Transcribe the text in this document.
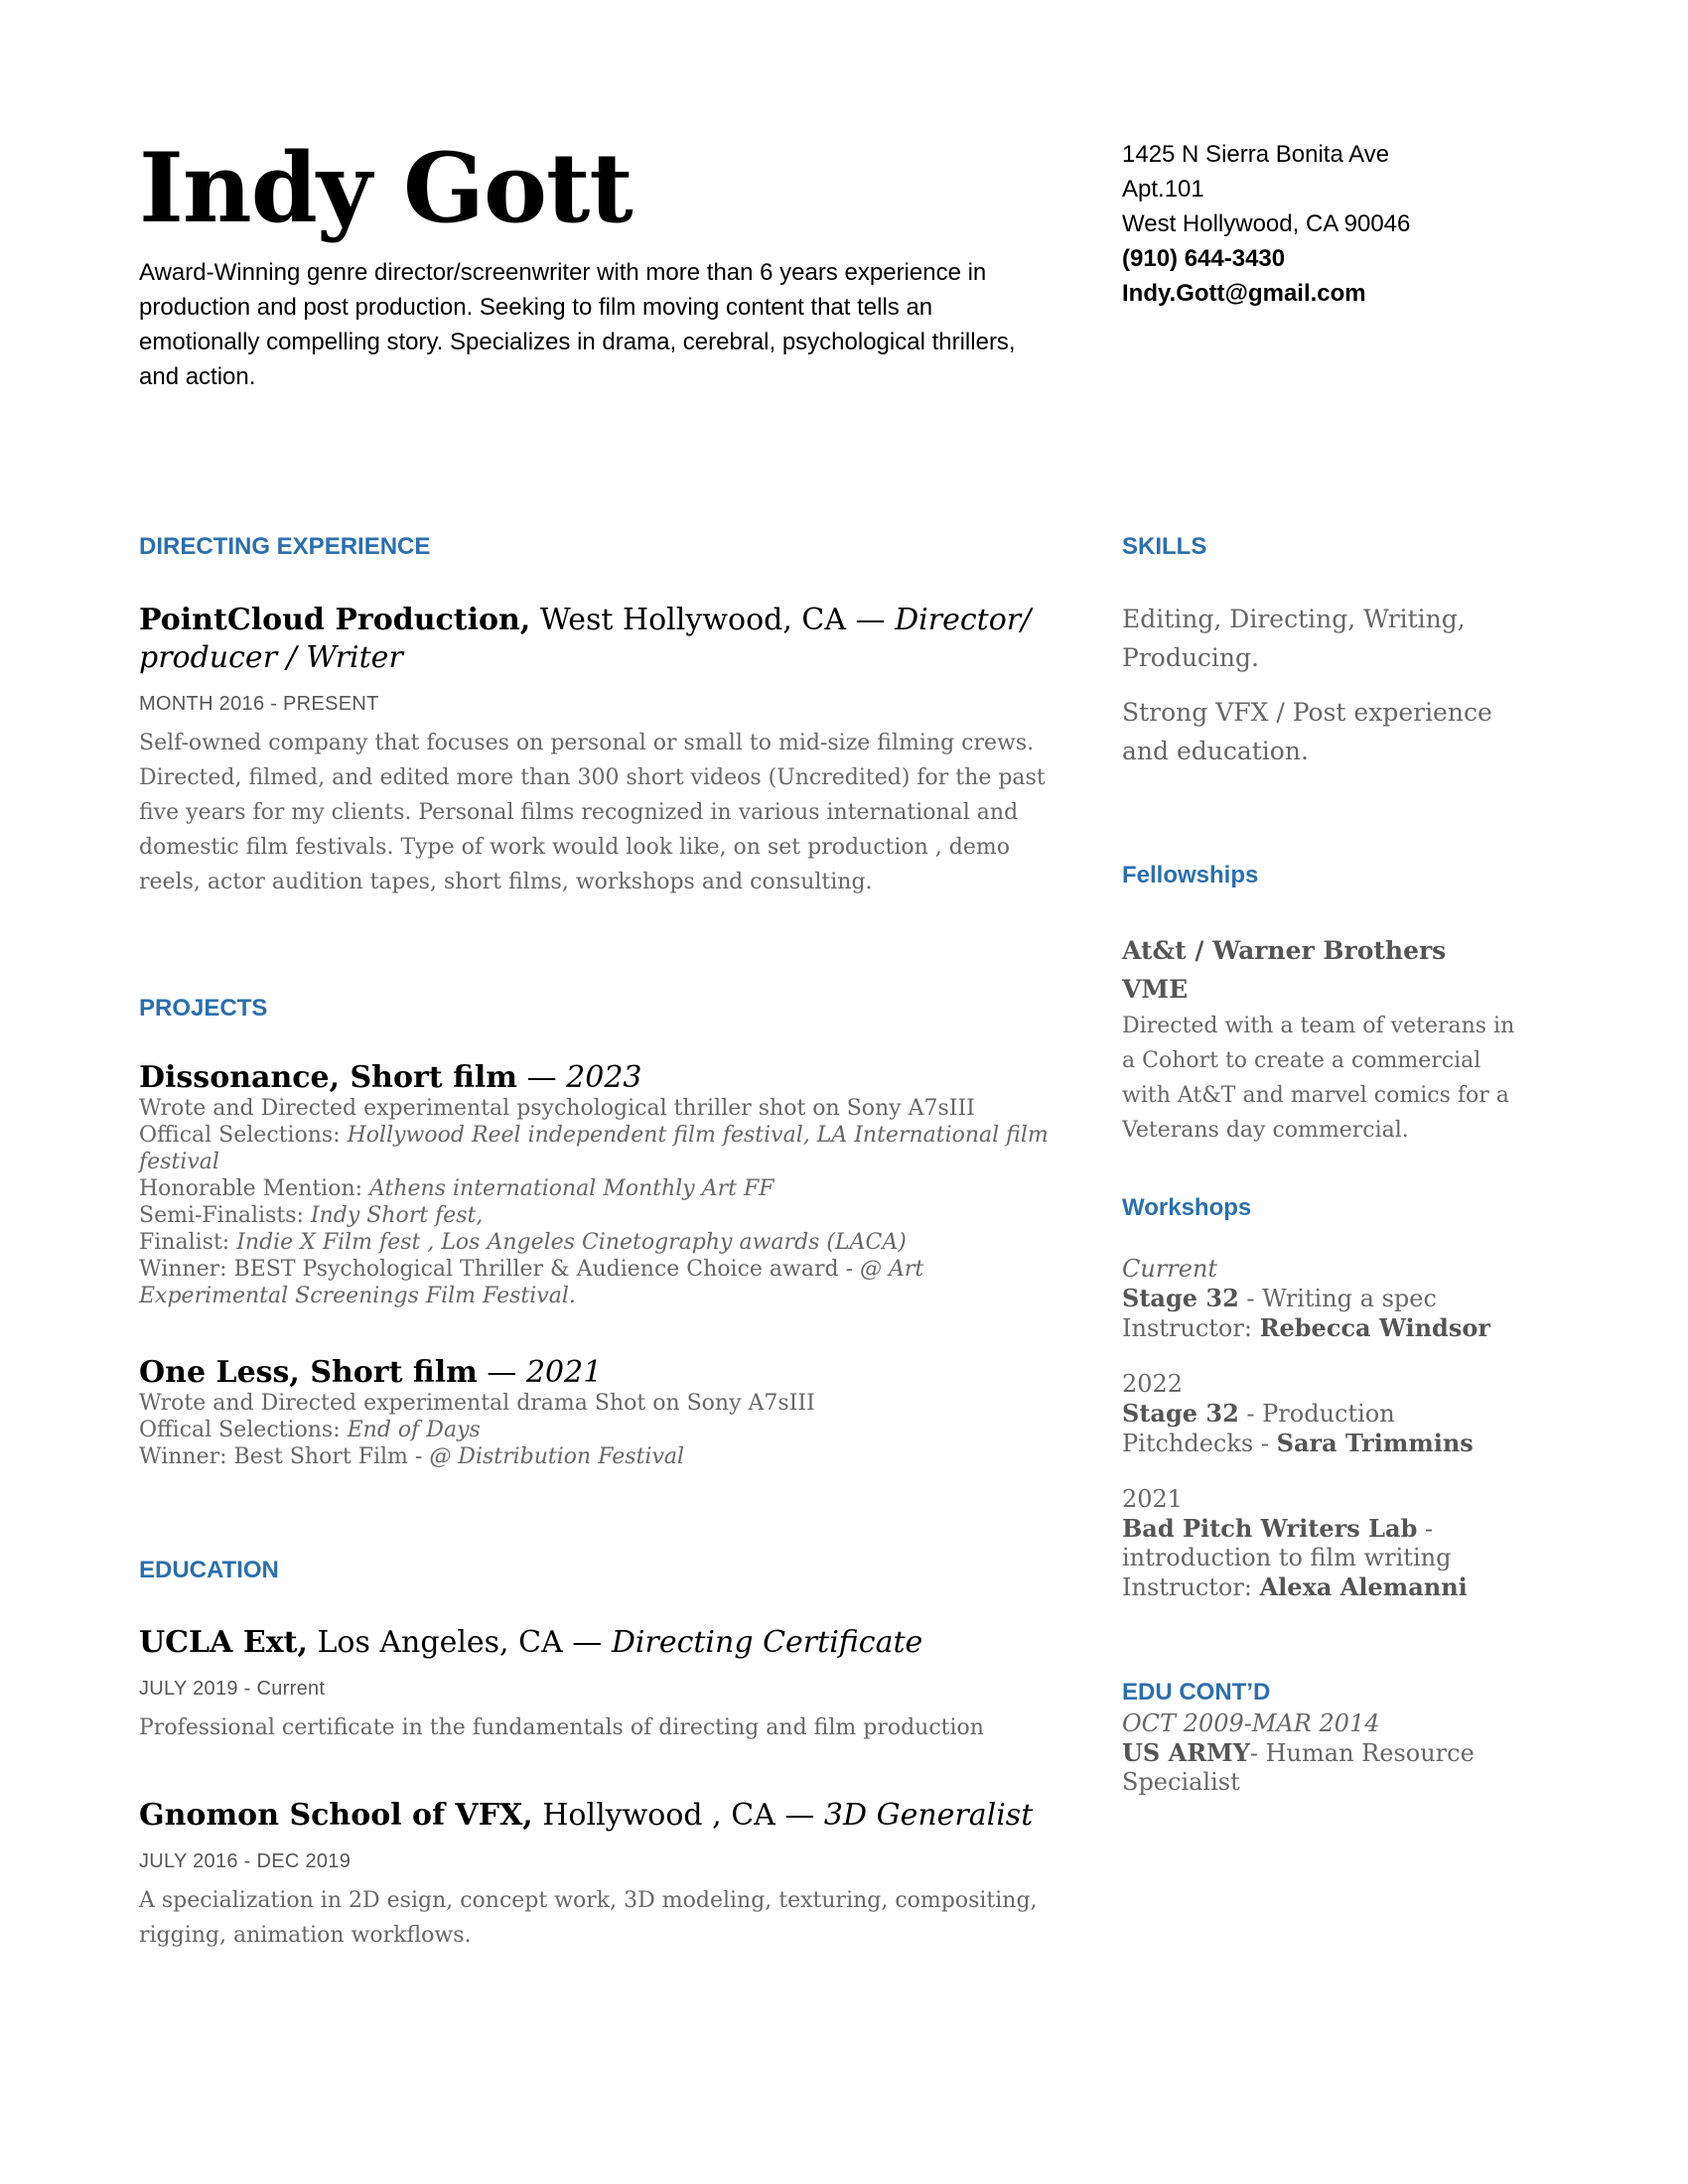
Indy Gott

Award-Winning genre director/screenwriter with more than 6 years experience in production and post production. Seeking to film moving content that tells an emotionally compelling story. Specializes in drama, cerebral, psychological thrillers, and action.

1425 N Sierra Bonita Ave
Apt.101
West Hollywood, CA 90046
(910) 644-3430
Indy.Gott@gmail.com
DIRECTING EXPERIENCE
PointCloud Production, West Hollywood, CA — Director/ producer / Writer
MONTH 2016 - PRESENT
Self-owned company that focuses on personal or small to mid-size filming crews. Directed, filmed, and edited more than 300 short videos (Uncredited) for the past five years for my clients. Personal films recognized in various international and domestic film festivals. Type of work would look like, on set production , demo reels, actor audition tapes, short films, workshops and consulting.
PROJECTS
Dissonance, Short film — 2023
Wrote and Directed experimental psychological thriller shot on Sony A7sIII
Offical Selections: Hollywood Reel independent film festival, LA International film festival
Honorable Mention: Athens international Monthly Art FF
Semi-Finalists: Indy Short fest,
Finalist: Indie X Film fest , Los Angeles Cinetography awards (LACA)
Winner: BEST Psychological Thriller & Audience Choice award - @ Art Experimental Screenings Film Festival.
One Less, Short film — 2021
Wrote and Directed experimental drama Shot on Sony A7sIII
Offical Selections: End of Days
Winner: Best Short Film - @ Distribution Festival
EDUCATION
UCLA Ext, Los Angeles, CA — Directing Certificate
JULY 2019 - Current
Professional certificate in the fundamentals of directing and film production
Gnomon School of VFX, Hollywood , CA — 3D Generalist
JULY 2016 - DEC 2019
A specialization in 2D esign, concept work, 3D modeling, texturing, compositing, rigging, animation workflows.
SKILLS
Editing, Directing, Writing, Producing.
Strong VFX / Post experience and education.
Fellowships
At&t / Warner Brothers VME
Directed with a team of veterans in a Cohort to create a commercial with At&T and marvel comics for a Veterans day commercial.
Workshops
Current
Stage 32 - Writing a spec
Instructor: Rebecca Windsor
2022
Stage 32 - Production Pitchdecks - Sara Trimmins
2021
Bad Pitch Writers Lab - introduction to film writing
Instructor: Alexa Alemanni
EDU CONT’D
OCT 2009-MAR 2014
US ARMY- Human Resource Specialist
